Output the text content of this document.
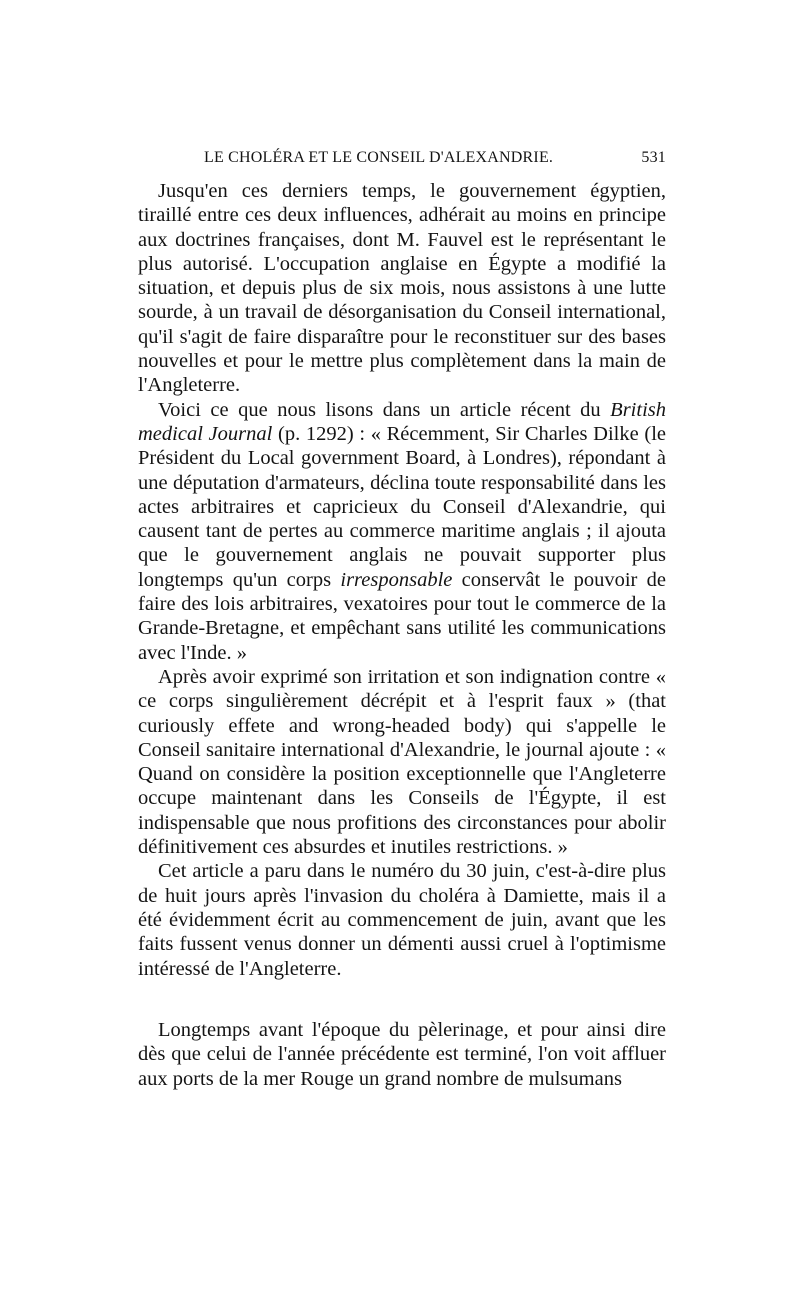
LE CHOLÉRA ET LE CONSEIL D'ALEXANDRIE.	531

Jusqu'en ces derniers temps, le gouvernement égyptien, tiraillé entre ces deux influences, adhérait au moins en principe aux doctrines françaises, dont M. Fauvel est le représentant le plus autorisé. L'occupation anglaise en Égypte a modifié la situation, et depuis plus de six mois, nous assistons à une lutte sourde, à un travail de désorganisation du Conseil international, qu'il s'agit de faire disparaître pour le reconstituer sur des bases nouvelles et pour le mettre plus complètement dans la main de l'Angleterre.

Voici ce que nous lisons dans un article récent du British medical Journal (p. 1292) : « Récemment, Sir Charles Dilke (le Président du Local government Board, à Londres), répondant à une députation d'armateurs, déclina toute responsabilité dans les actes arbitraires et capricieux du Conseil d'Alexandrie, qui causent tant de pertes au commerce maritime anglais ; il ajouta que le gouvernement anglais ne pouvait supporter plus longtemps qu'un corps irresponsable conservât le pouvoir de faire des lois arbitraires, vexatoires pour tout le commerce de la Grande-Bretagne, et empêchant sans utilité les communications avec l'Inde. »

Après avoir exprimé son irritation et son indignation contre « ce corps singulièrement décrépit et à l'esprit faux » (that curiously effete and wrong-headed body) qui s'appelle le Conseil sanitaire international d'Alexandrie, le journal ajoute : « Quand on considère la position exceptionnelle que l'Angleterre occupe maintenant dans les Conseils de l'Égypte, il est indispensable que nous profitions des circonstances pour abolir définitivement ces absurdes et inutiles restrictions. »

Cet article a paru dans le numéro du 30 juin, c'est-à-dire plus de huit jours après l'invasion du choléra à Damiette, mais il a été évidemment écrit au commencement de juin, avant que les faits fussent venus donner un démenti aussi cruel à l'optimisme intéressé de l'Angleterre.

Longtemps avant l'époque du pèlerinage, et pour ainsi dire dès que celui de l'année précédente est terminé, l'on voit affluer aux ports de la mer Rouge un grand nombre de mulsumans
